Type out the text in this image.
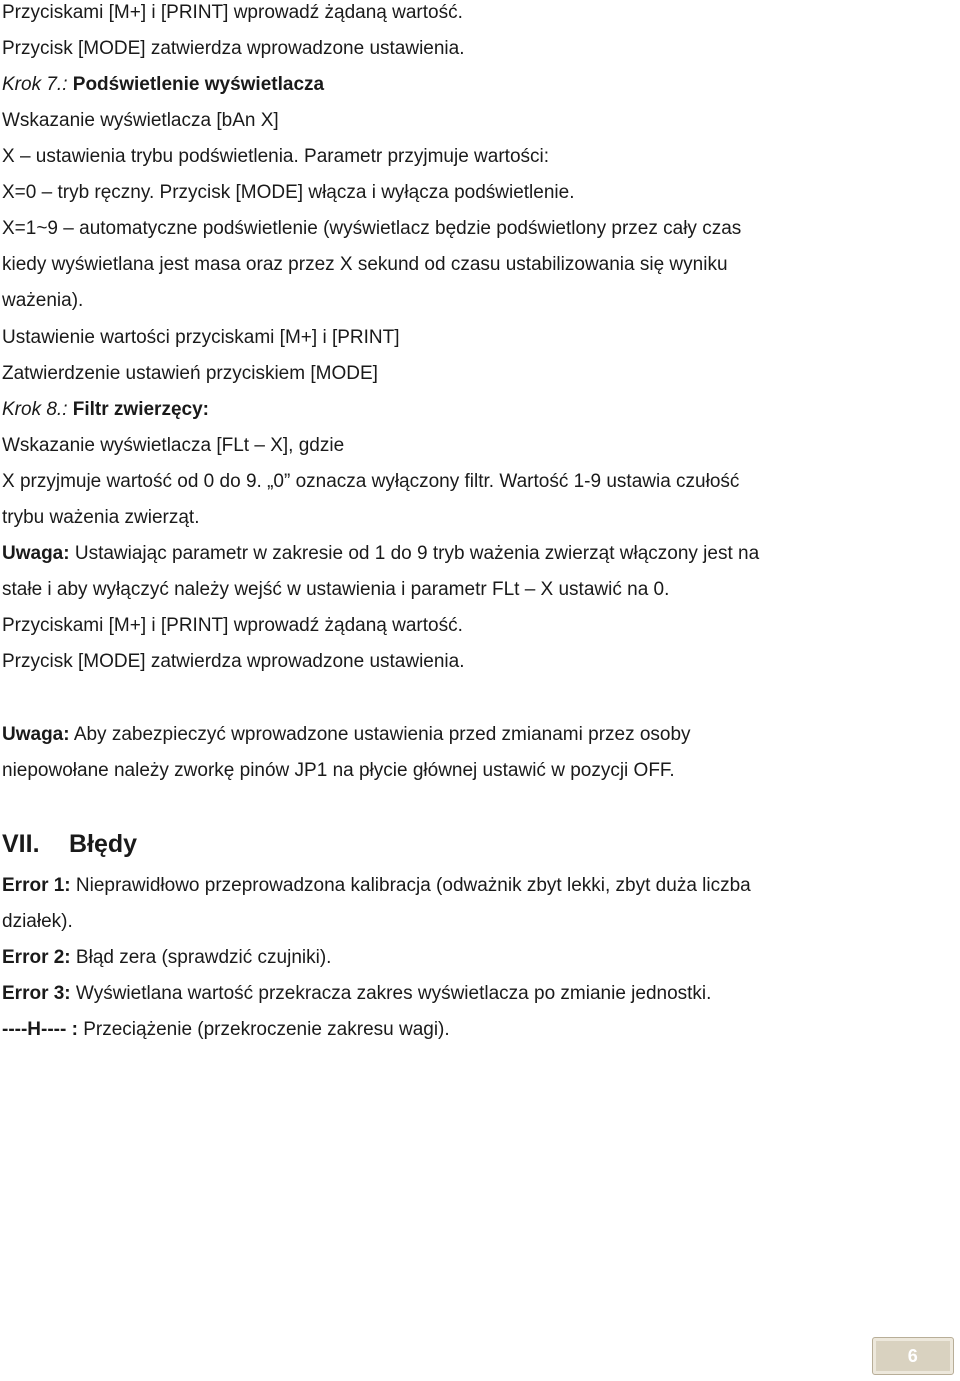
Przyciskami [M+] i [PRINT] wprowadź żądaną wartość.
Przycisk [MODE] zatwierdza wprowadzone ustawienia.
Krok 7.: Podświetlenie wyświetlacza
Wskazanie wyświetlacza [bAn X]
X – ustawienia trybu podświetlenia. Parametr przyjmuje wartości:
X=0 – tryb ręczny. Przycisk [MODE] włącza i wyłącza podświetlenie.
X=1~9 – automatyczne podświetlenie (wyświetlacz będzie podświetlony przez cały czas
kiedy wyświetlana jest masa oraz przez X sekund od czasu ustabilizowania się wyniku
ważenia).
Ustawienie wartości przyciskami [M+] i [PRINT]
Zatwierdzenie ustawień przyciskiem [MODE]
Krok 8.: Filtr zwierzęcy:
Wskazanie wyświetlacza [FLt – X], gdzie
X przyjmuje wartość od 0 do 9. „0” oznacza wyłączony filtr. Wartość 1-9 ustawia czułość
trybu ważenia zwierząt.
Uwaga: Ustawiając parametr w zakresie od 1 do 9 tryb ważenia zwierząt włączony jest na
stałe i aby wyłączyć należy wejść w ustawienia i parametr FLt – X ustawić na 0.
Przyciskami [M+] i [PRINT] wprowadź żądaną wartość.
Przycisk [MODE] zatwierdza wprowadzone ustawienia.
Uwaga: Aby zabezpieczyć wprowadzone ustawienia przed zmianami przez osoby
niepowołane należy zworkę pinów JP1 na płycie głównej ustawić w pozycji OFF.
VII. Błędy
Error 1: Nieprawidłowo przeprowadzona kalibracja (odważnik zbyt lekki, zbyt duża liczba
działek).
Error 2: Błąd zera (sprawdzić czujniki).
Error 3: Wyświetlana wartość przekracza zakres wyświetlacza po zmianie jednostki.
----H---- : Przeciążenie (przekroczenie zakresu wagi).
6
